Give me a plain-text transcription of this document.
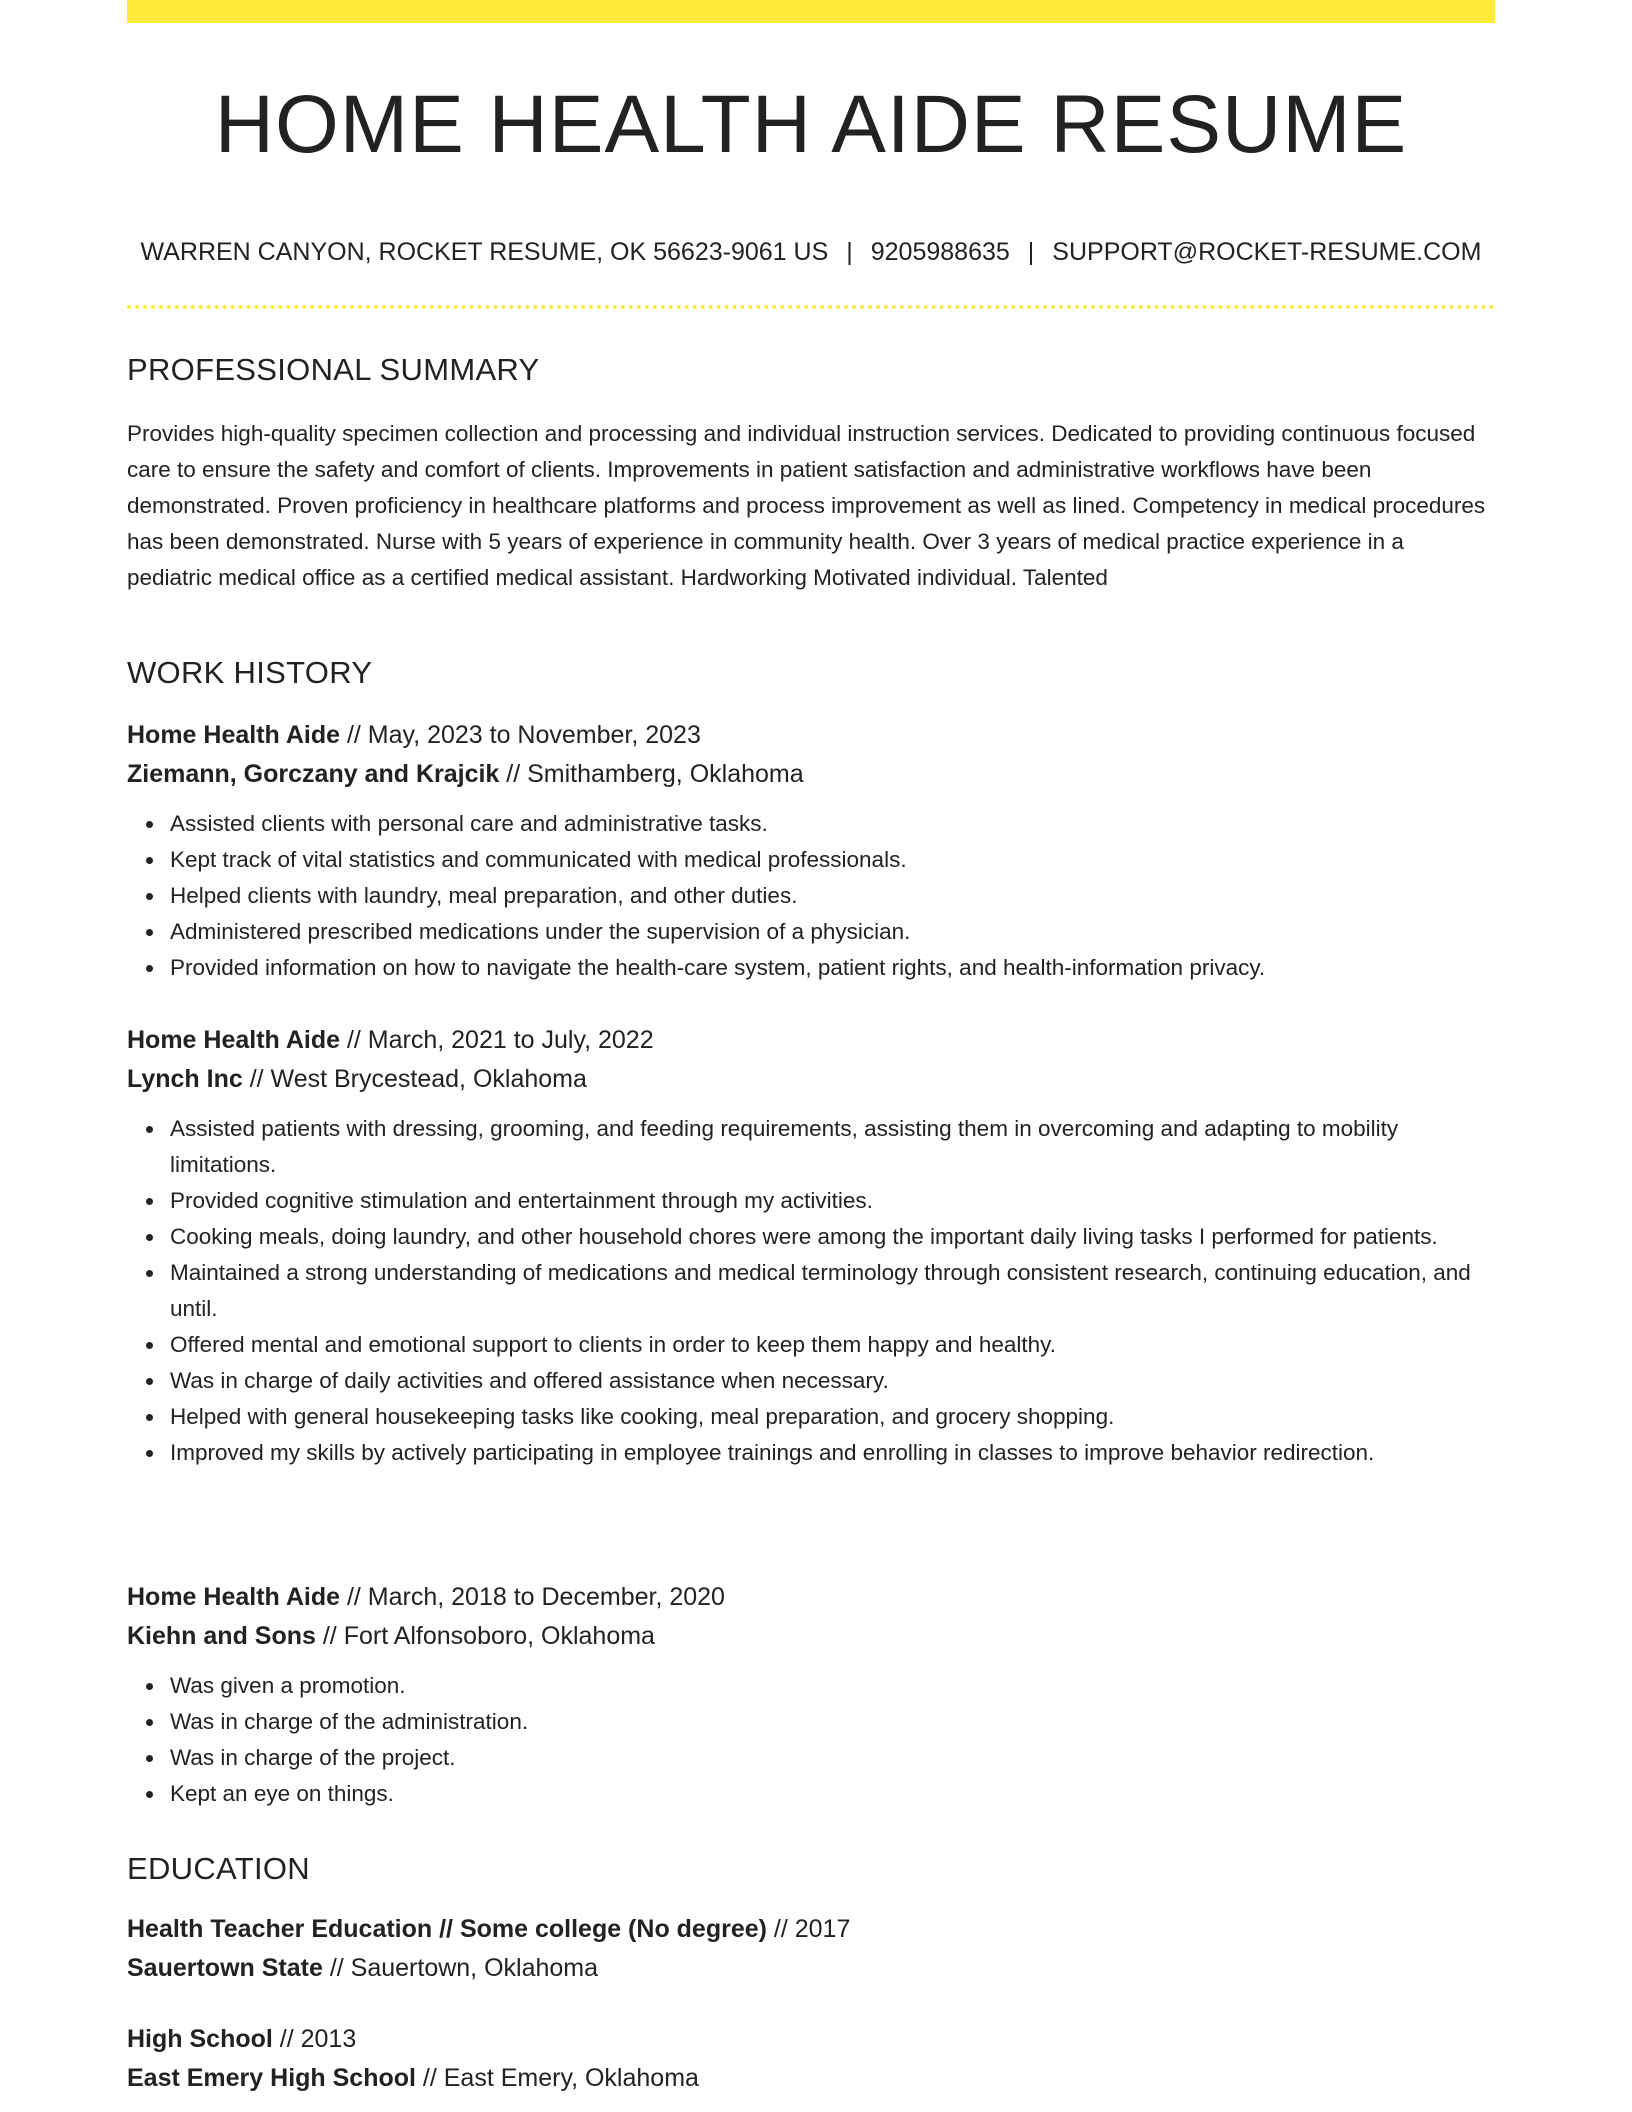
HOME HEALTH AIDE RESUME
WARREN CANYON, ROCKET RESUME, OK 56623-9061 US | 9205988635 | SUPPORT@ROCKET-RESUME.COM
PROFESSIONAL SUMMARY

Provides high-quality specimen collection and processing and individual instruction services. Dedicated to providing continuous focused care to ensure the safety and comfort of clients. Improvements in patient satisfaction and administrative workflows have been demonstrated. Proven proficiency in healthcare platforms and process improvement as well as lined. Competency in medical procedures has been demonstrated. Nurse with 5 years of experience in community health. Over 3 years of medical practice experience in a pediatric medical office as a certified medical assistant. Hardworking Motivated individual. Talented

WORK HISTORY
Home Health Aide // May, 2023 to November, 2023
Ziemann, Gorczany and Krajcik // Smithamberg, Oklahoma
Assisted clients with personal care and administrative tasks.
Kept track of vital statistics and communicated with medical professionals.
Helped clients with laundry, meal preparation, and other duties.
Administered prescribed medications under the supervision of a physician.
Provided information on how to navigate the health-care system, patient rights, and health-information privacy.
Home Health Aide // March, 2021 to July, 2022
Lynch Inc // West Brycestead, Oklahoma
Assisted patients with dressing, grooming, and feeding requirements, assisting them in overcoming and adapting to mobility limitations.
Provided cognitive stimulation and entertainment through my activities.
Cooking meals, doing laundry, and other household chores were among the important daily living tasks I performed for patients.
Maintained a strong understanding of medications and medical terminology through consistent research, continuing education, and until.
Offered mental and emotional support to clients in order to keep them happy and healthy.
Was in charge of daily activities and offered assistance when necessary.
Helped with general housekeeping tasks like cooking, meal preparation, and grocery shopping.
Improved my skills by actively participating in employee trainings and enrolling in classes to improve behavior redirection.
Home Health Aide // March, 2018 to December, 2020
Kiehn and Sons // Fort Alfonsoboro, Oklahoma
Was given a promotion.
Was in charge of the administration.
Was in charge of the project.
Kept an eye on things.
EDUCATION
Health Teacher Education // Some college (No degree) // 2017
Sauertown State // Sauertown, Oklahoma
High School // 2013
East Emery High School // East Emery, Oklahoma
